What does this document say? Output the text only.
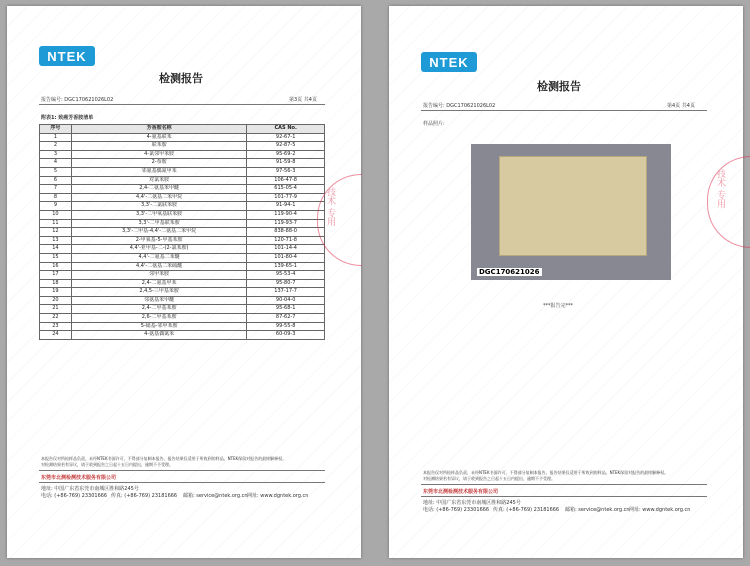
NTEK
检测报告
报告编号: DGC170621026L02	第3页 共4页
附表1: 致癌芳香胺清单
序号	芳香胺名称	CAS No.
1	4-氨基联苯	92-67-1
2	联苯胺	92-87-5
3	4-氯邻甲苯胺	95-69-2
4	2-萘胺	91-59-8
5	邻氨基偶氮甲苯	97-56-3
6	对氯苯胺	106-47-8
7	2,4-二氨基苯甲醚	615-05-4
8	4,4'-二氨基二苯甲烷	101-77-9
9	3,3'-二氯联苯胺	91-94-1
10	3,3'-二甲氧基联苯胺	119-90-4
11	3,3'-二甲基联苯胺	119-93-7
12	3,3'-二甲基-4,4'-二氨基二苯甲烷	838-88-0
13	2-甲氧基-5-甲基苯胺	120-71-8
14	4,4'-亚甲基-二-(2-氯苯胺)	101-14-4
15	4,4'-二氨基二苯醚	101-80-4
16	4,4'-二氨基二苯硫醚	139-65-1
17	邻甲苯胺	95-53-4
18	2,4-二氨基甲苯	95-80-7
19	2,4,5-三甲基苯胺	137-17-7
20	邻氨基苯甲醚	90-04-0
21	2,4-二甲基苯胺	95-68-1
22	2,6-二甲基苯胺	87-62-7
23	5-硝基-邻甲苯胺	99-55-8
24	4-氨基偶氮苯	60-09-3
技术 专用
本报告仅对所检样品负责，未经NTEK书面许可，不得部分复制本报告。报告结果仅适用于所收到的样品。NTEK保留对报告的最终解释权。
对检测结果若有异议，请于收到报告之日起十五日内提出，逾期不予受理。
东莞市北测检测技术服务有限公司
地址: 中国广东省东莞市南城区胜和路245号
电话: (+86-769) 23301666 传真: (+86-769) 23181666 邮箱: service@ntek.org.cn 网址: www.dgntek.org.cn
NTEK
检测报告
报告编号: DGC170621026L02	第4页 共4页
样品照片:
DGC170621026
***报告完***
技术 专用
本报告仅对所检样品负责，未经NTEK书面许可，不得部分复制本报告。报告结果仅适用于所收到的样品。NTEK保留对报告的最终解释权。
对检测结果若有异议，请于收到报告之日起十五日内提出，逾期不予受理。
东莞市北测检测技术服务有限公司
地址: 中国广东省东莞市南城区胜和路245号
电话: (+86-769) 23301666 传真: (+86-769) 23181666 邮箱: service@ntek.org.cn 网址: www.dgntek.org.cn
